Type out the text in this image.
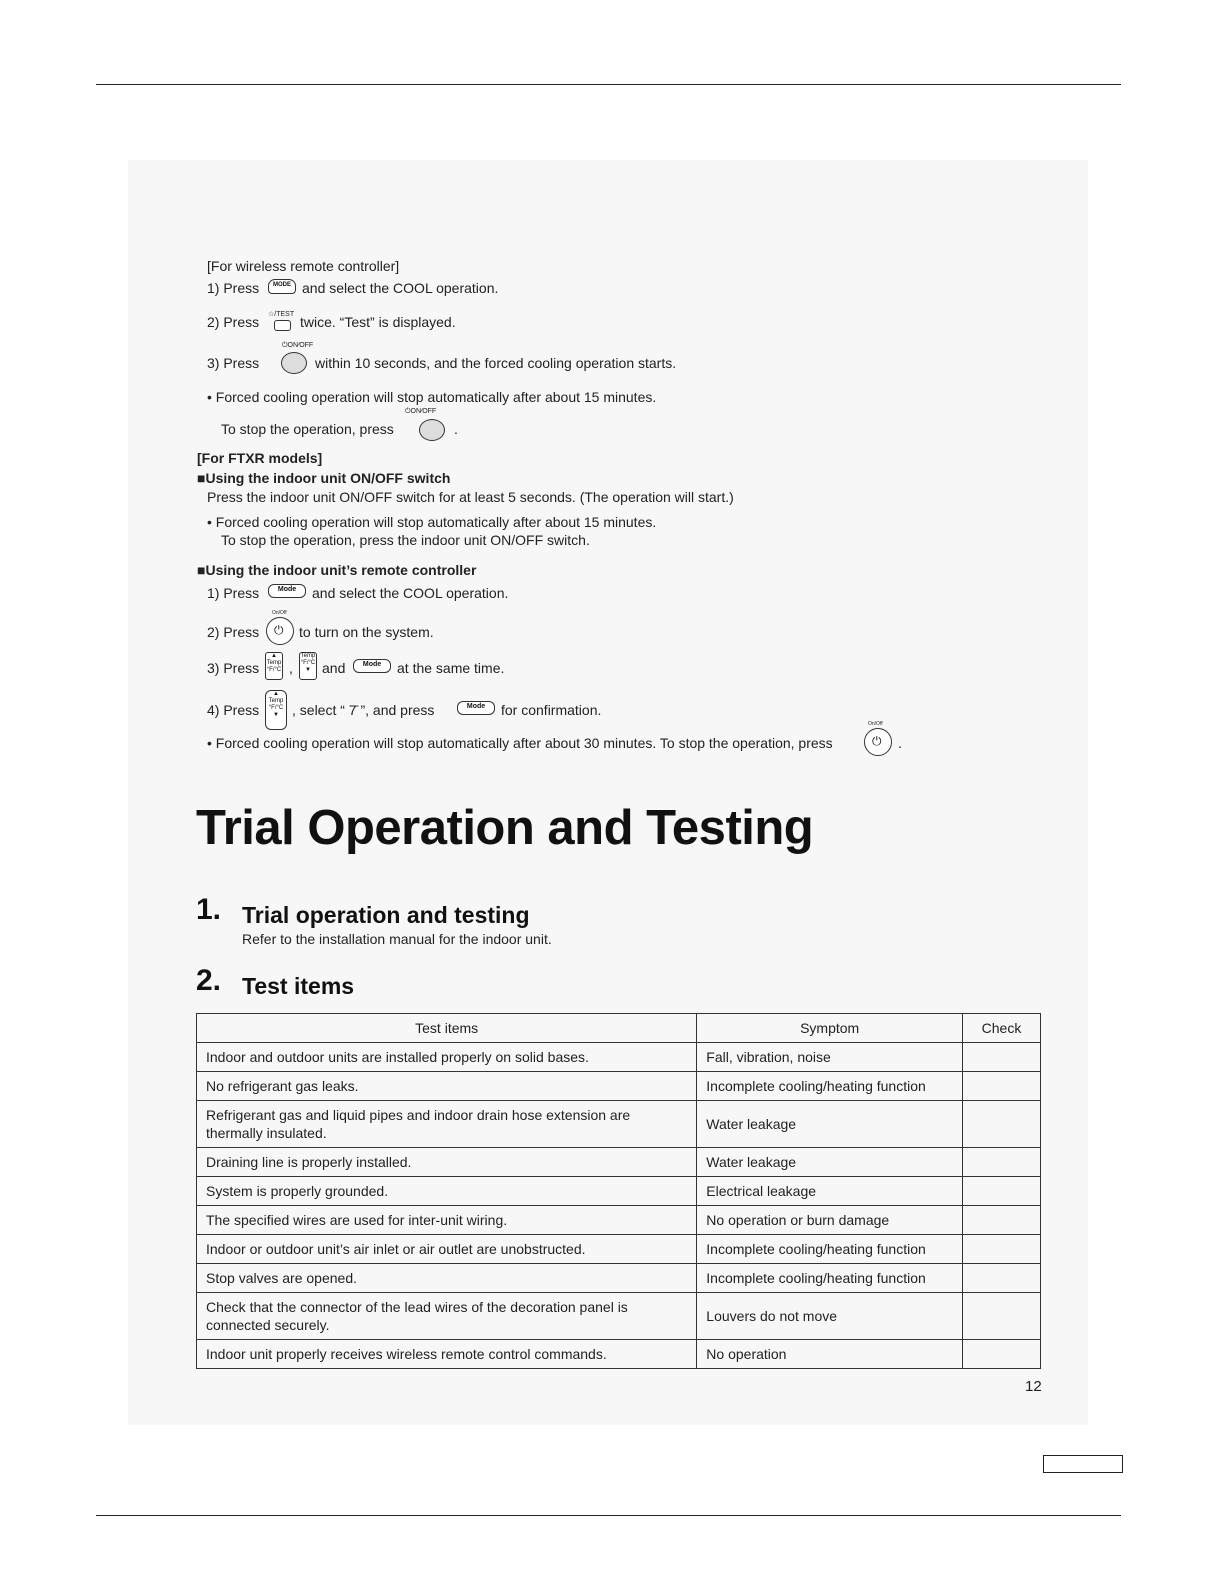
[For wireless remote controller]
1) Press	MODE and select the COOL operation.
2) Press ☆/TEST twice. “Test” is displayed.
⏻ON∕OFF
3) Press	within 10 seconds, and the forced cooling operation starts.
• Forced cooling operation will stop automatically after about 15 minutes.
⏻ON∕OFF
To stop the operation, press	.
[For FTXR models]
■Using the indoor unit ON/OFF switch
Press the indoor unit ON/OFF switch for at least 5 seconds. (The operation will start.)
• Forced cooling operation will stop automatically after about 15 minutes.
To stop the operation, press the indoor unit ON/OFF switch.
■Using the indoor unit’s remote controller
1) Press	Mode	and select the COOL operation.
On/Off
2) Press ⏻ to turn on the system.
3) Press
▲
Temp
°F/°C ,
Temp
°F/°C
▼ and	Mode	at the same time.
4) Press
▲
Temp
°F/°C
▼ , select “ 7̄ ”, and press	Mode	for confirmation.
On/Off
• Forced cooling operation will stop automatically after about 30 minutes. To stop the operation, press	⏻ .
Trial Operation and Testing
1. Trial operation and testing
Refer to the installation manual for the indoor unit.
2. Test items
Test items	Symptom	Check
Indoor and outdoor units are installed properly on solid bases.	Fall, vibration, noise	
No refrigerant gas leaks.	Incomplete cooling/heating function	
Refrigerant gas and liquid pipes and indoor drain hose extension are thermally insulated.	Water leakage	
Draining line is properly installed.	Water leakage	
System is properly grounded.	Electrical leakage	
The specified wires are used for inter-unit wiring.	No operation or burn damage	
Indoor or outdoor unit’s air inlet or air outlet are unobstructed.	Incomplete cooling/heating function	
Stop valves are opened.	Incomplete cooling/heating function	
Check that the connector of the lead wires of the decoration panel is connected securely.	Louvers do not move	
Indoor unit properly receives wireless remote control commands.	No operation	
12
